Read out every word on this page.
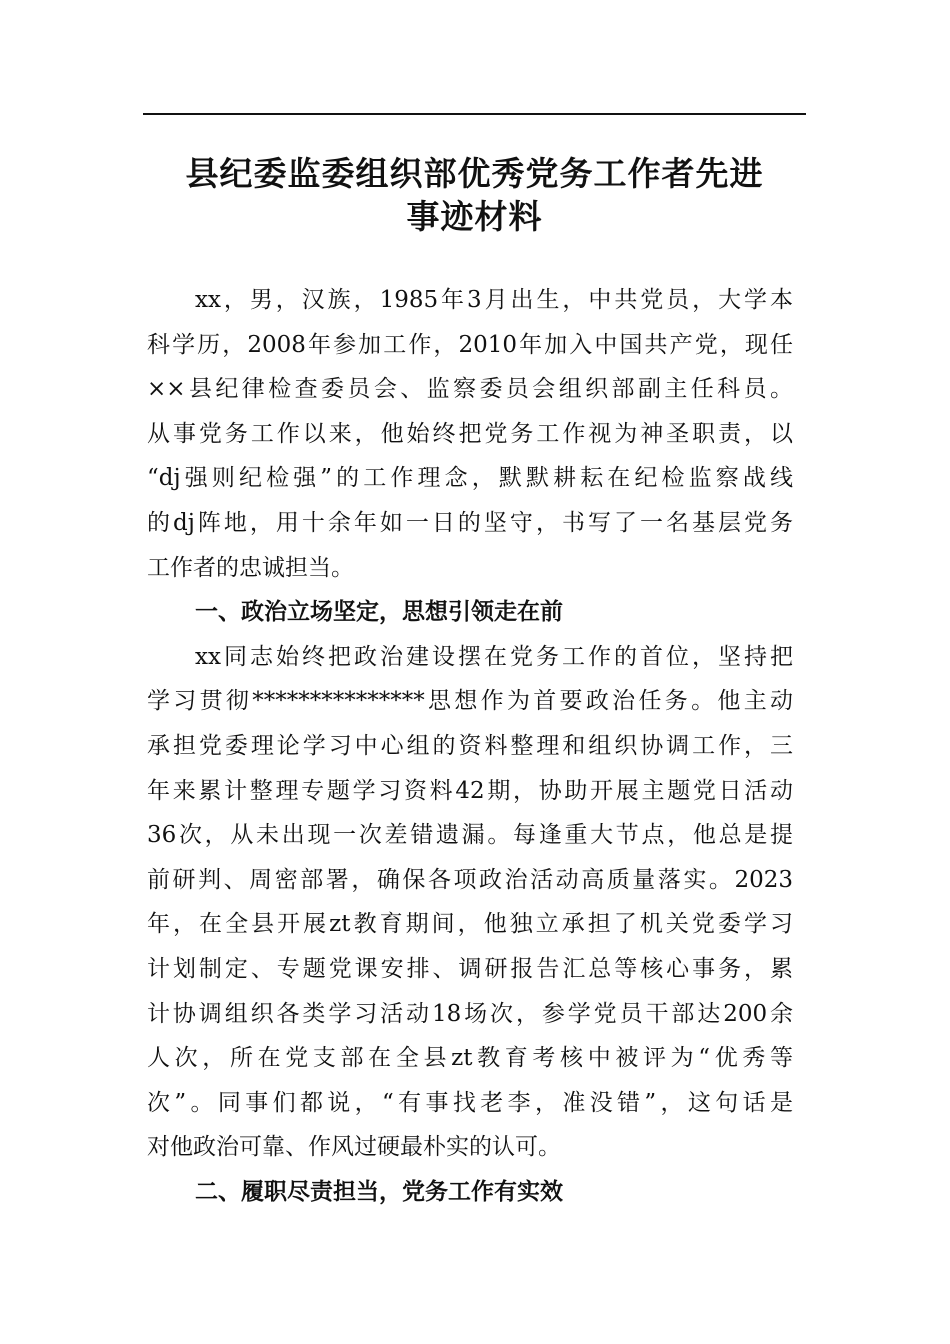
县纪委监委组织部优秀党务工作者先进
事迹材料
xx，男，汉族，1985年3月出生，中共党员，大学本
科学历，2008年参加工作，2010年加入中国共产党，现任
××县纪律检查委员会、监察委员会组织部副主任科员。
从事党务工作以来，他始终把党务工作视为神圣职责，以
“dj强则纪检强”的工作理念，默默耕耘在纪检监察战线
的dj阵地，用十余年如一日的坚守，书写了一名基层党务
工作者的忠诚担当。
一、政治立场坚定，思想引领走在前
xx同志始终把政治建设摆在党务工作的首位，坚持把
学习贯彻***************思想作为首要政治任务。他主动
承担党委理论学习中心组的资料整理和组织协调工作，三
年来累计整理专题学习资料42期，协助开展主题党日活动
36次，从未出现一次差错遗漏。每逢重大节点，他总是提
前研判、周密部署，确保各项政治活动高质量落实。2023
年，在全县开展zt教育期间，他独立承担了机关党委学习
计划制定、专题党课安排、调研报告汇总等核心事务，累
计协调组织各类学习活动18场次，参学党员干部达200余
人次，所在党支部在全县zt教育考核中被评为“优秀等
次”。同事们都说，“有事找老李，准没错”，这句话是
对他政治可靠、作风过硬最朴实的认可。
二、履职尽责担当，党务工作有实效
